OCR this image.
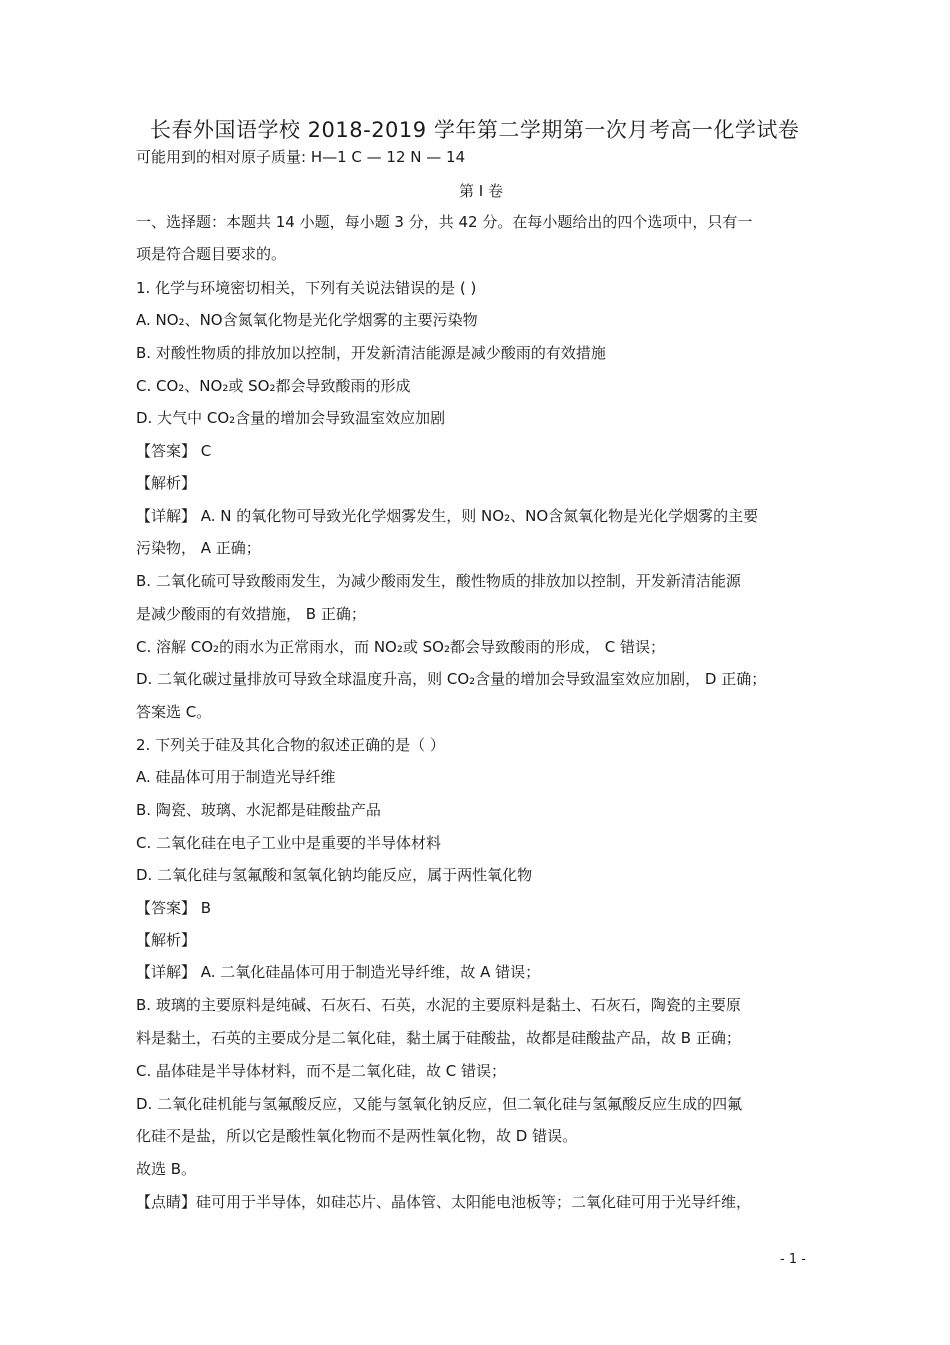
长春外国语学校 2018-2019 学年第二学期第一次月考高一化学试卷
可能用到的相对原子质量: H—1 C — 12 N — 14
第 I 卷
一、选择题：本题共 14 小题，每小题 3 分，共 42 分。在每小题给出的四个选项中，只有一
项是符合题目要求的。
1. 化学与环境密切相关，下列有关说法错误的是 ( )
A. NO₂、NO含氮氧化物是光化学烟雾的主要污染物
B. 对酸性物质的排放加以控制，开发新清洁能源是减少酸雨的有效措施
C. CO₂、NO₂或 SO₂都会导致酸雨的形成
D. 大气中 CO₂含量的增加会导致温室效应加剧
【答案】 C
【解析】
【详解】 A. N 的氧化物可导致光化学烟雾发生，则 NO₂、NO含氮氧化物是光化学烟雾的主要
污染物， A 正确；
B. 二氧化硫可导致酸雨发生，为减少酸雨发生，酸性物质的排放加以控制，开发新清洁能源
是减少酸雨的有效措施， B 正确；
C. 溶解 CO₂的雨水为正常雨水，而 NO₂或 SO₂都会导致酸雨的形成， C 错误；
D. 二氧化碳过量排放可导致全球温度升高，则 CO₂含量的增加会导致温室效应加剧， D 正确；
答案选 C。
2. 下列关于硅及其化合物的叙述正确的是（ ）
A. 硅晶体可用于制造光导纤维
B. 陶瓷、玻璃、水泥都是硅酸盐产品
C. 二氧化硅在电子工业中是重要的半导体材料
D. 二氧化硅与氢氟酸和氢氧化钠均能反应，属于两性氧化物
【答案】 B
【解析】
【详解】 A. 二氧化硅晶体可用于制造光导纤维，故 A 错误；
B. 玻璃的主要原料是纯碱、石灰石、石英，水泥的主要原料是黏土、石灰石，陶瓷的主要原
料是黏土，石英的主要成分是二氧化硅，黏土属于硅酸盐，故都是硅酸盐产品，故 B 正确；
C. 晶体硅是半导体材料，而不是二氧化硅，故 C 错误；
D. 二氧化硅机能与氢氟酸反应，又能与氢氧化钠反应，但二氧化硅与氢氟酸反应生成的四氟
化硅不是盐，所以它是酸性氧化物而不是两性氧化物，故 D 错误。
故选 B。
【点睛】硅可用于半导体，如硅芯片、晶体管、太阳能电池板等；二氧化硅可用于光导纤维，
- 1 -
